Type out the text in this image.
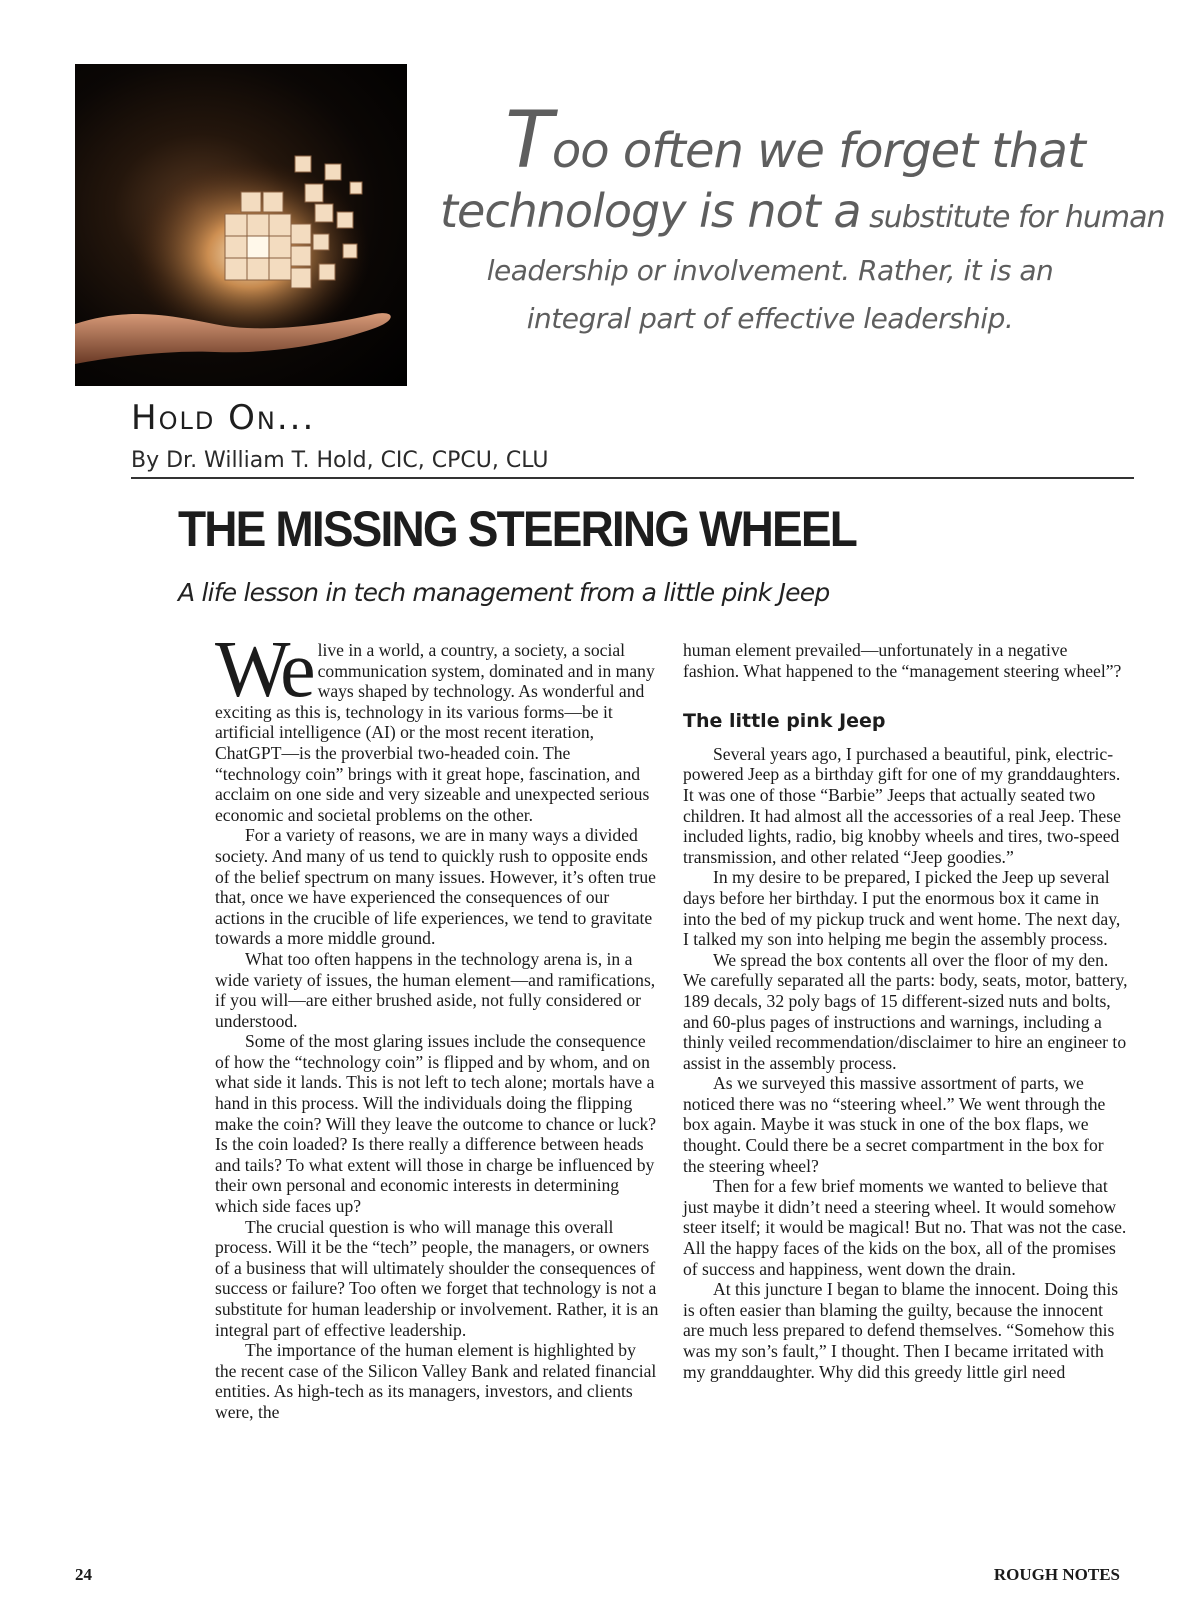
Too often we forget that
technology is not a substitute for human
leadership or involvement. Rather, it is an
integral part of effective leadership.
Hold On...
By Dr. William T. Hold, CIC, CPCU, CLU
THE MISSING STEERING WHEEL
A life lesson in tech management from a little pink Jeep

We live in a world, a country, a society, a social communication system, dominated and in many ways shaped by technology. As wonderful and exciting as this is, technology in its various forms—be it artificial intelligence (AI) or the most recent iteration, ChatGPT—is the proverbial two-headed coin. The “technology coin” brings with it great hope, fascination, and acclaim on one side and very sizeable and unexpected serious economic and societal problems on the other.

For a variety of reasons, we are in many ways a divided society. And many of us tend to quickly rush to opposite ends of the belief spectrum on many issues. However, it’s often true that, once we have experienced the consequences of our actions in the crucible of life experiences, we tend to gravitate towards a more middle ground.

What too often happens in the technology arena is, in a wide variety of issues, the human element—and ramifications, if you will—are either brushed aside, not fully considered or understood.

Some of the most glaring issues include the consequence of how the “technology coin” is flipped and by whom, and on what side it lands. This is not left to tech alone; mortals have a hand in this process. Will the individuals doing the flipping make the coin? Will they leave the outcome to chance or luck? Is the coin loaded? Is there really a difference between heads and tails? To what extent will those in charge be influenced by their own personal and economic interests in determining which side faces up?

The crucial question is who will manage this overall process. Will it be the “tech” people, the managers, or owners of a business that will ultimately shoulder the consequences of success or failure? Too often we forget that technology is not a substitute for human leadership or involvement. Rather, it is an integral part of effective leadership.

The importance of the human element is highlighted by the recent case of the Silicon Valley Bank and related financial entities. As high-tech as its managers, investors, and clients were, the

human element prevailed—unfortunately in a negative fashion. What happened to the “management steering wheel”?

The little pink Jeep

Several years ago, I purchased a beautiful, pink, electric-powered Jeep as a birthday gift for one of my granddaughters. It was one of those “Barbie” Jeeps that actually seated two children. It had almost all the accessories of a real Jeep. These included lights, radio, big knobby wheels and tires, two-speed transmission, and other related “Jeep goodies.”

In my desire to be prepared, I picked the Jeep up several days before her birthday. I put the enormous box it came in into the bed of my pickup truck and went home. The next day, I talked my son into helping me begin the assembly process.

We spread the box contents all over the floor of my den. We carefully separated all the parts: body, seats, motor, battery, 189 decals, 32 poly bags of 15 different-sized nuts and bolts, and 60-plus pages of instructions and warnings, including a thinly veiled recommendation/disclaimer to hire an engineer to assist in the assembly process.

As we surveyed this massive assortment of parts, we noticed there was no “steering wheel.” We went through the box again. Maybe it was stuck in one of the box flaps, we thought. Could there be a secret compartment in the box for the steering wheel?

Then for a few brief moments we wanted to believe that just maybe it didn’t need a steering wheel. It would somehow steer itself; it would be magical! But no. That was not the case. All the happy faces of the kids on the box, all of the promises of success and happiness, went down the drain.

At this juncture I began to blame the innocent. Doing this is often easier than blaming the guilty, because the innocent are much less prepared to defend themselves. “Somehow this was my son’s fault,” I thought. Then I became irritated with my granddaughter. Why did this greedy little girl need

24	ROUGH NOTES
